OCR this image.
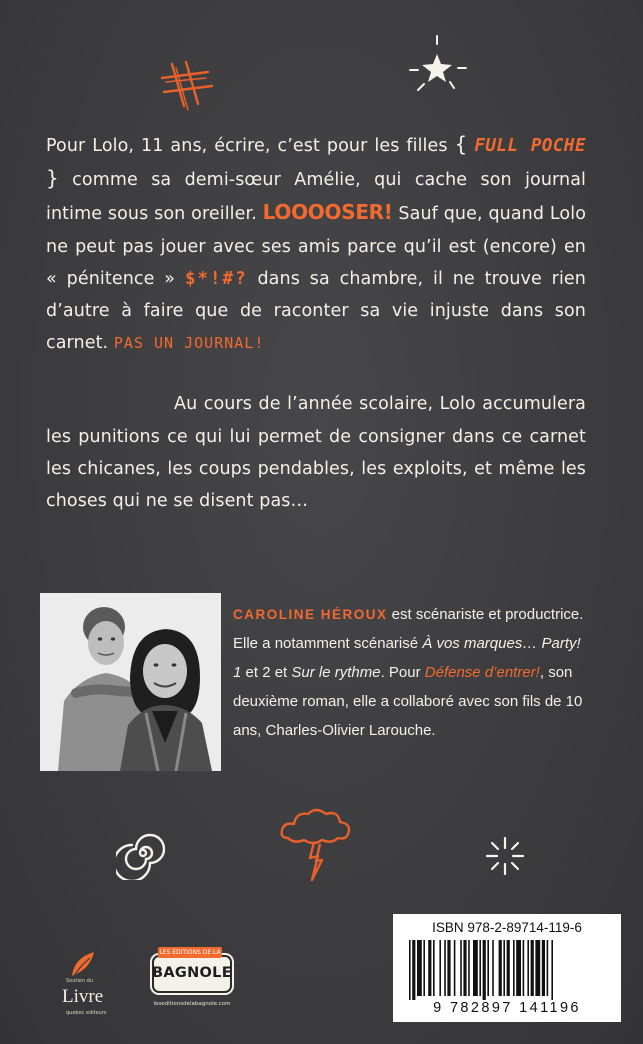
Pour Lolo, 11 ans, écrire, c’est pour les filles { FULL POCHE } comme sa demi-sœur Amélie, qui cache son journal intime sous son oreiller. LOOOOSER! Sauf que, quand Lolo ne peut pas jouer avec ses amis parce qu’il est (encore) en « pénitence » $*!#? dans sa chambre, il ne trouve rien d’autre à faire que de raconter sa vie injuste dans son carnet. PAS UN JOURNAL!

Au cours de l’année scolaire, Lolo accumulera les punitions ce qui lui permet de consigner dans ce carnet les chicanes, les coups pendables, les exploits, et même les choses qui ne se disent pas…

CAROLINE HÉROUX est scénariste et productrice. Elle a notamment scénarisé À vos marques… Party! 1 et 2 et Sur le rythme. Pour Défense d’entrer!, son deuxième roman, elle a collaboré avec son fils de 10 ans, Charles-Olivier Larouche.
Soutien du
Livre
quebec editeurs
LES ÉDITIONS DE LA
BAGNOLE
leseditionsdelabagnole.com
ISBN 978-2-89714-119-6
9 782897 141196
